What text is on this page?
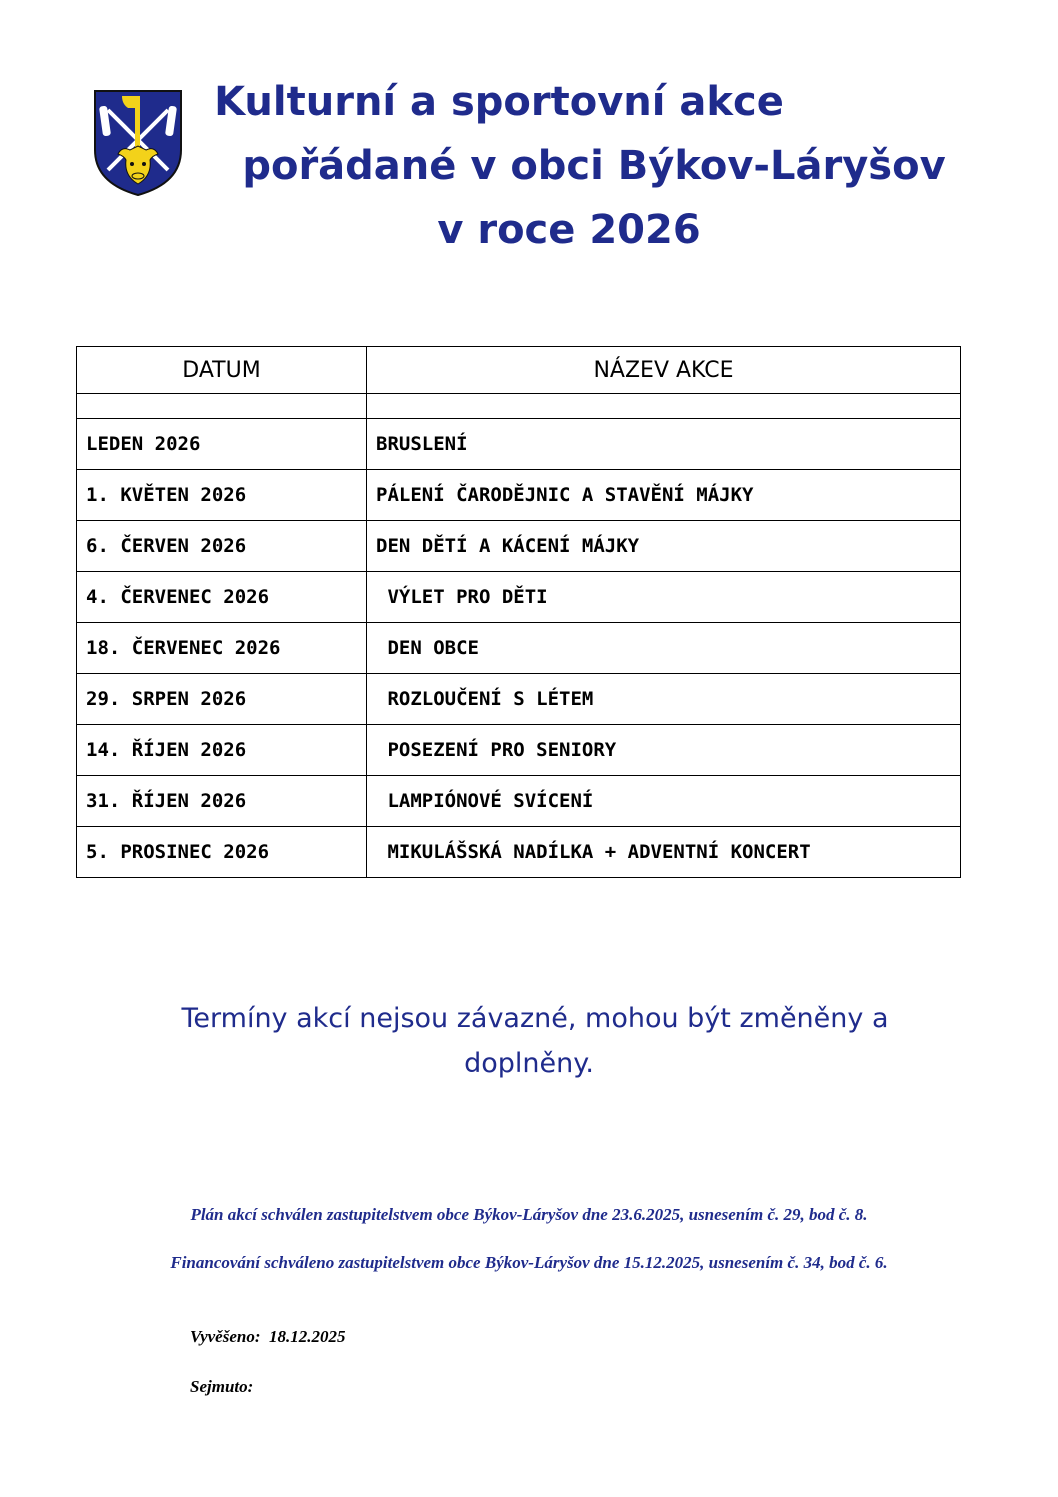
Kulturní a sportovní akce
pořádané v obci Býkov-Láryšov
v roce 2026
DATUM	NÁZEV AKCE

LEDEN 2026	BRUSLENÍ
1. KVĚTEN 2026	PÁLENÍ ČARODĚJNIC A STAVĚNÍ MÁJKY
6. ČERVEN 2026	DEN DĚTÍ A KÁCENÍ MÁJKY
4. ČERVENEC 2026	VÝLET PRO DĚTI
18. ČERVENEC 2026	DEN OBCE
29. SRPEN 2026	ROZLOUČENÍ S LÉTEM
14. ŘÍJEN 2026	POSEZENÍ PRO SENIORY
31. ŘÍJEN 2026	LAMPIÓNOVÉ SVÍCENÍ
5. PROSINEC 2026	MIKULÁŠSKÁ NADÍLKA + ADVENTNÍ KONCERT
Termíny akcí nejsou závazné, mohou být změněny a
doplněny.
Plán akcí schválen zastupitelstvem obce Býkov-Láryšov dne 23.6.2025, usnesením č. 29, bod č. 8.
Financování schváleno zastupitelstvem obce Býkov-Láryšov dne 15.12.2025, usnesením č. 34, bod č. 6.
Vyvěšeno:  18.12.2025
Sejmuto:
